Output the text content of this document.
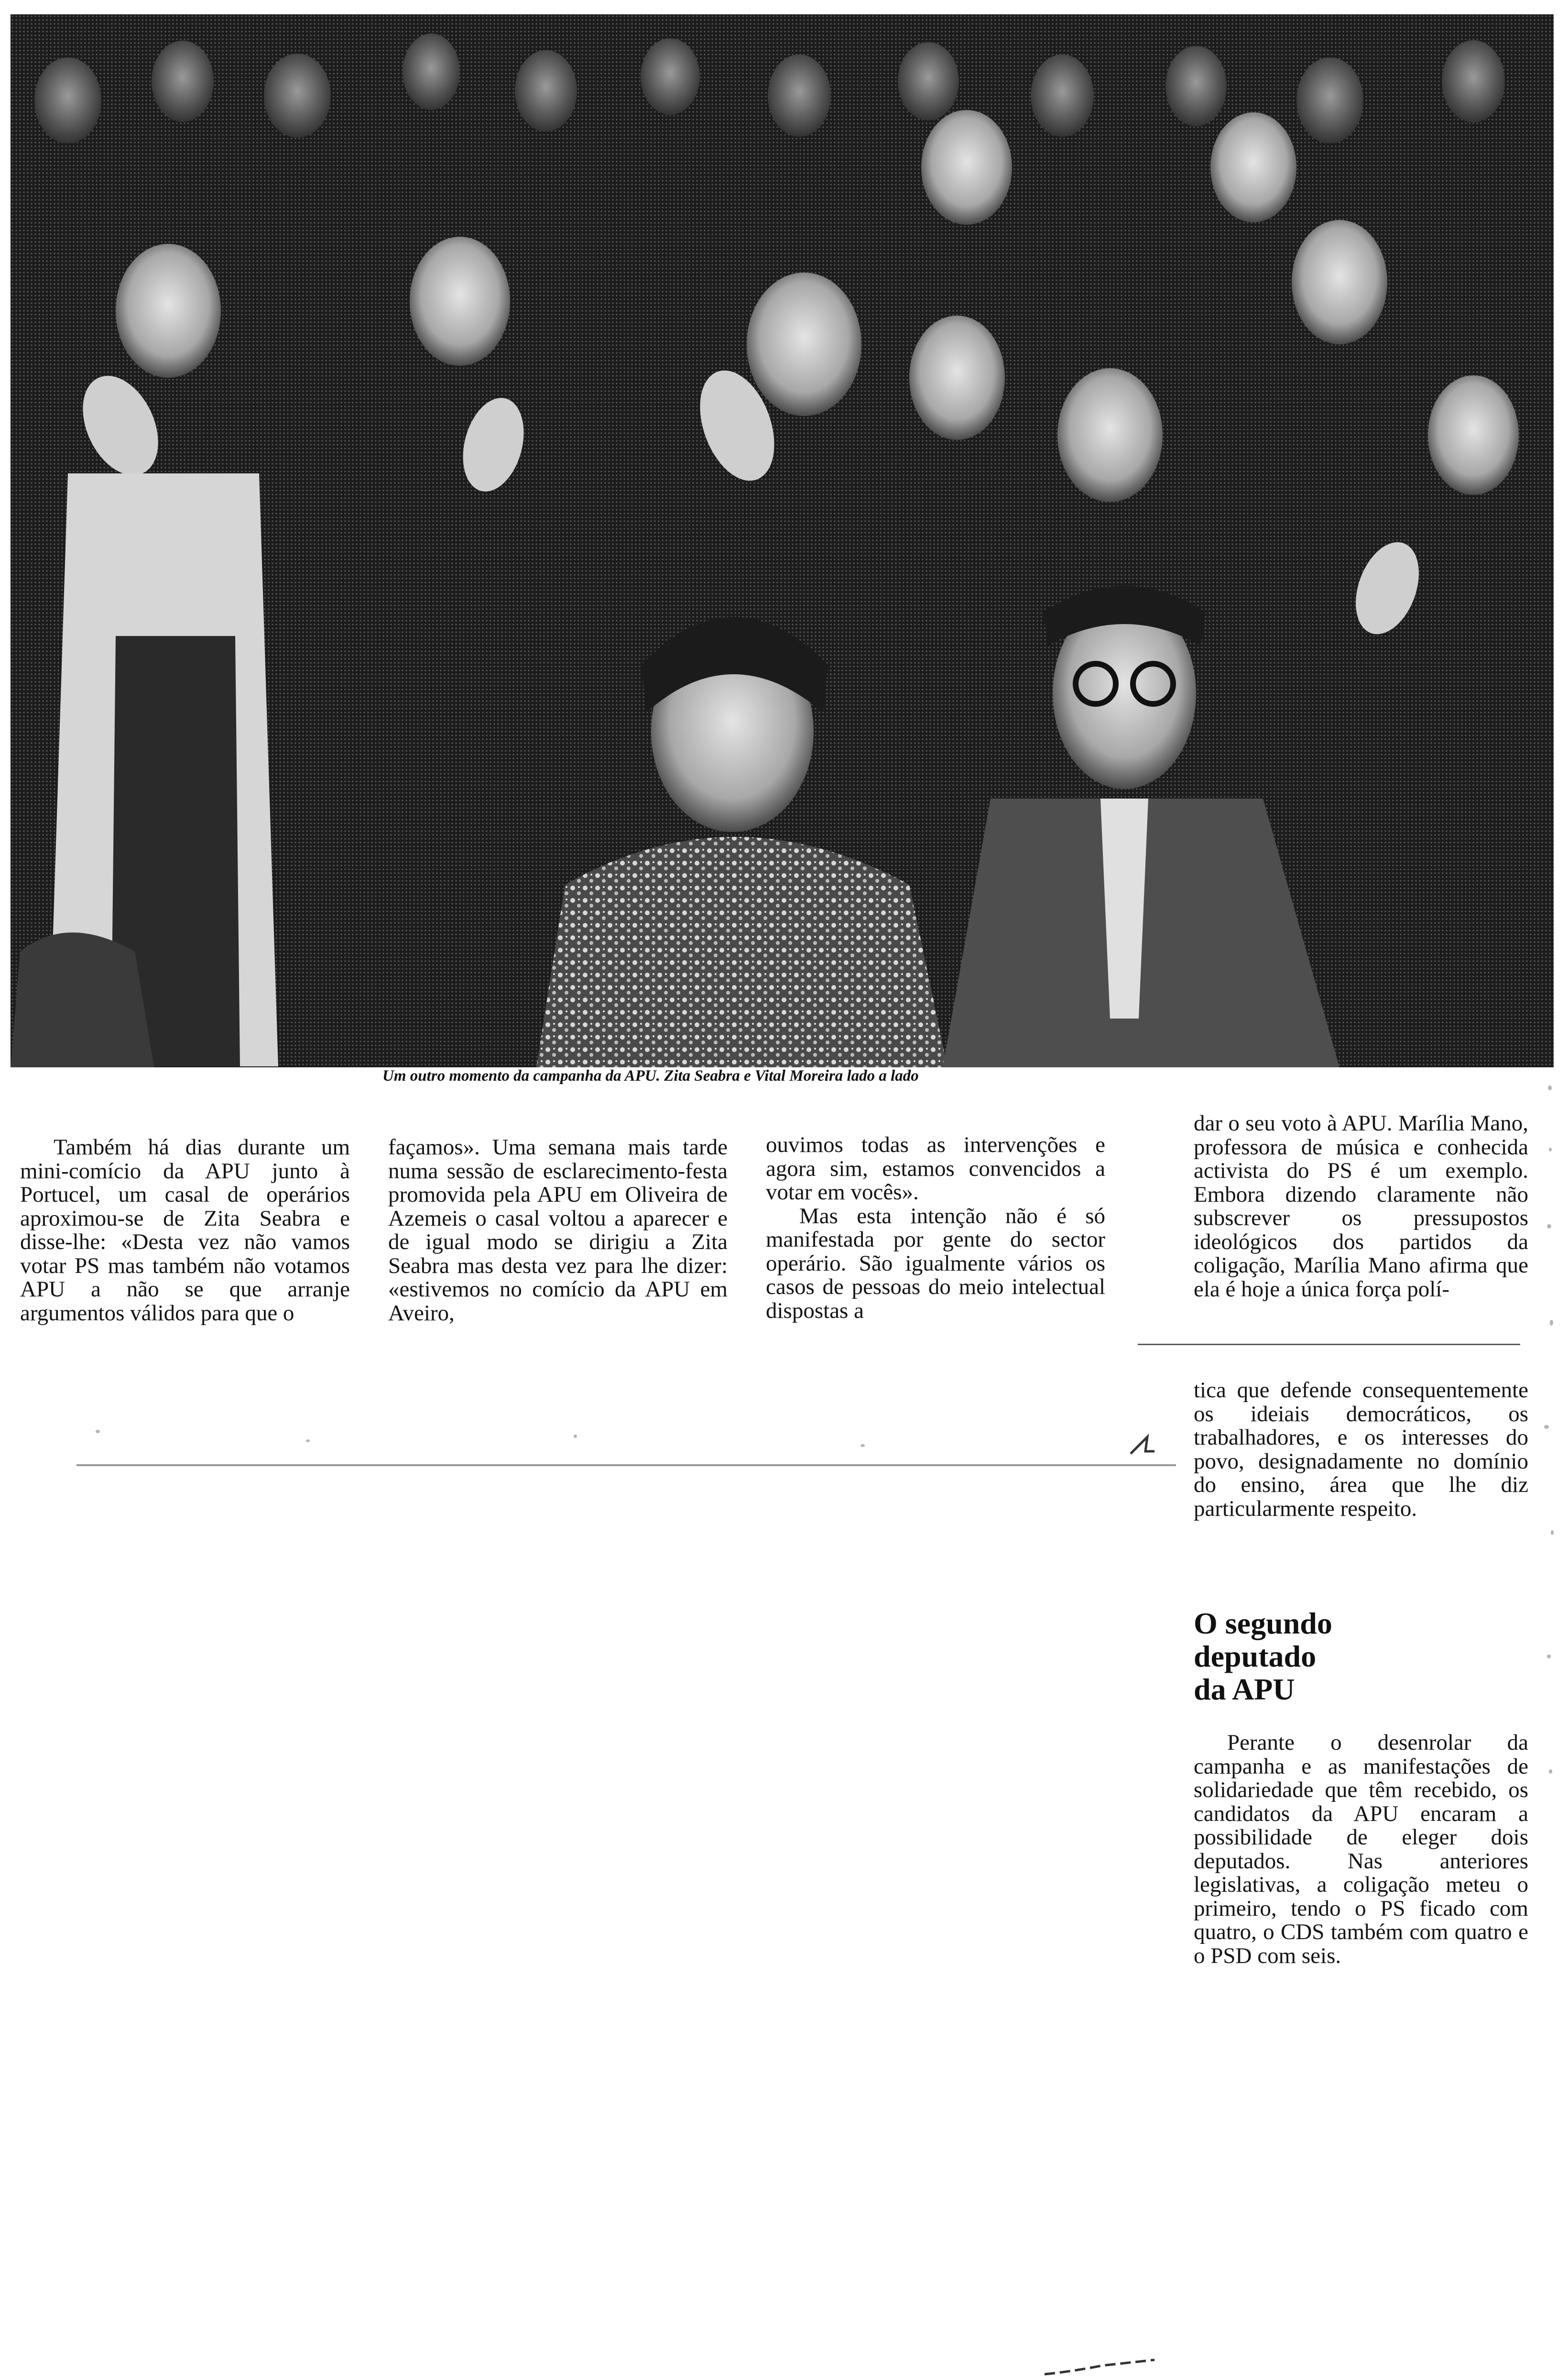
Um outro momento da campanha da APU. Zita Seabra e Vital Moreira lado a lado

Também há dias durante um mini-comício da APU junto à Portucel, um casal de operários aproximou-se de Zita Seabra e disse-lhe: «Desta vez não vamos votar PS mas também não votamos APU a não se que arranje argumentos válidos para que o

façamos». Uma semana mais tarde numa sessão de esclarecimento-festa promovida pela APU em Oliveira de Azemeis o casal voltou a aparecer e de igual modo se dirigiu a Zita Seabra mas desta vez para lhe dizer: «estivemos no comício da APU em Aveiro,

ouvimos todas as intervenções e agora sim, estamos convencidos a votar em vocês».

Mas esta intenção não é só manifestada por gente do sector operário. São igualmente vários os casos de pessoas do meio intelectual dispostas a

dar o seu voto à APU. Marília Mano, professora de música e conhecida activista do PS é um exemplo. Embora dizendo claramente não subscrever os pressupostos ideológicos dos partidos da coligação, Marília Mano afirma que ela é hoje a única força polí-

tica que defende consequentemente os ideiais democráticos, os trabalhadores, e os interesses do povo, designadamente no domínio do ensino, área que lhe diz particularmente respeito.

O segundo
deputado
da APU

Perante o desenrolar da campanha e as manifestações de solidariedade que têm recebido, os candidatos da APU encaram a possibilidade de eleger dois deputados. Nas anteriores legislativas, a coligação meteu o primeiro, tendo o PS ficado com quatro, o CDS também com quatro e o PSD com seis.
